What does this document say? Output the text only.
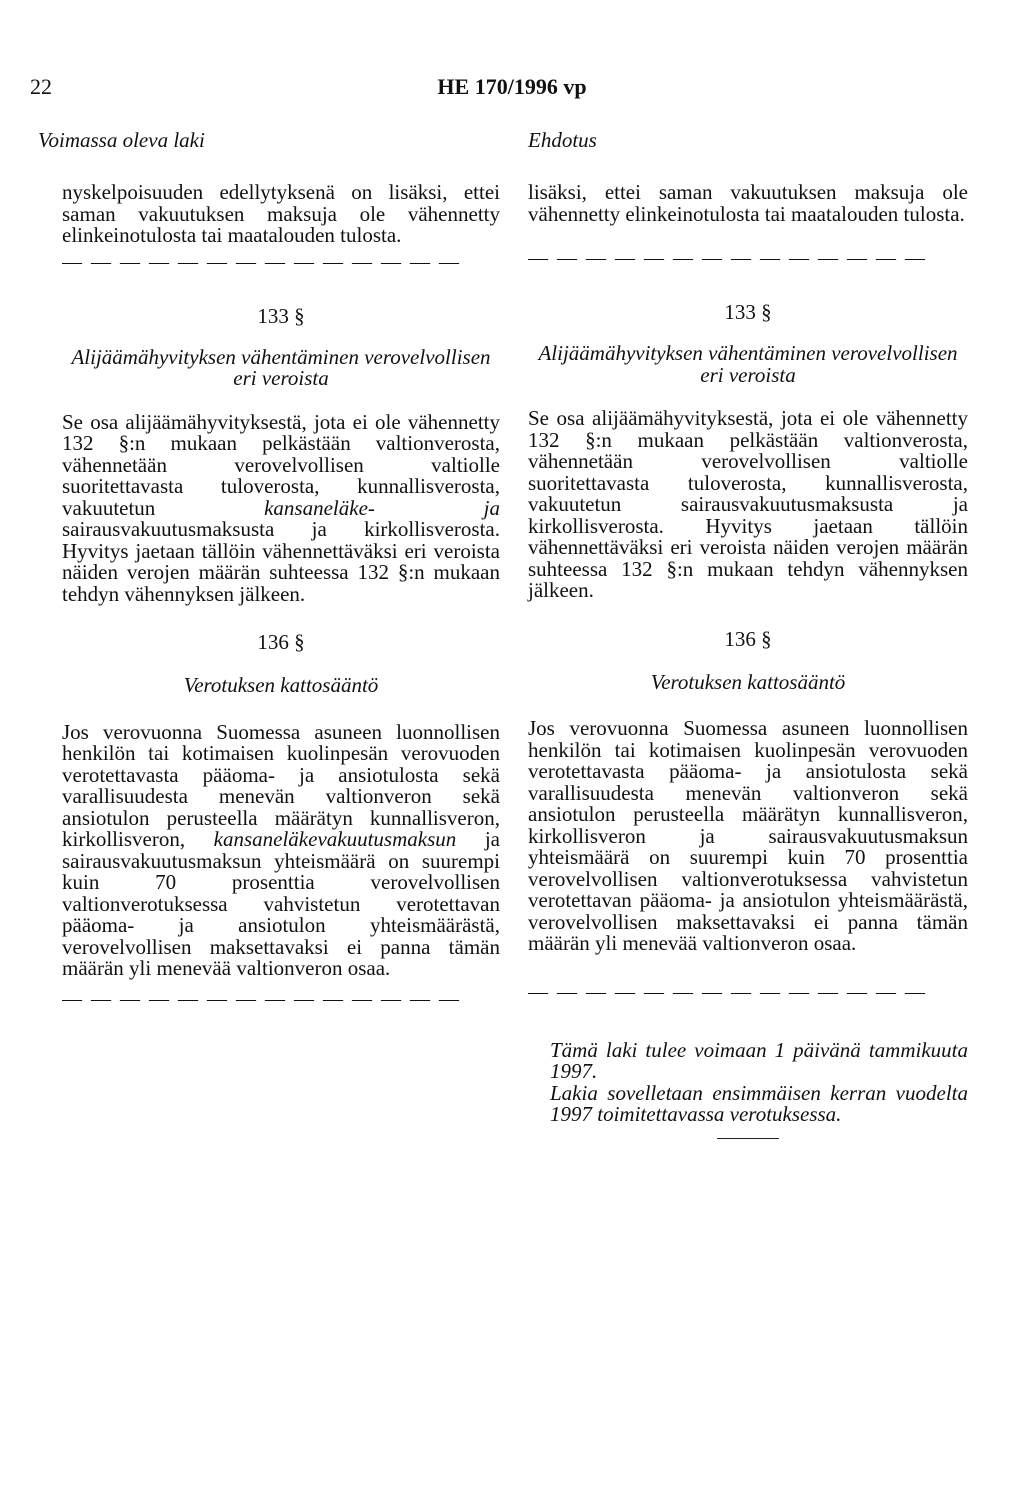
22	HE 170/1996 vp
Voimassa oleva laki

nyskelpoisuuden edellytyksenä on lisäksi, ettei saman vakuutuksen maksuja ole vähennetty elinkeinotulosta tai maatalouden tulosta.

— — — — — — — — — — — — — —

133 §

Alijäämähyvityksen vähentäminen verovelvollisen eri veroista

Se osa alijäämähyvityksestä, jota ei ole vähennetty 132 §:n mukaan pelkästään valtionverosta, vähennetään verovelvollisen valtiolle suoritettavasta tuloverosta, kunnallisverosta, vakuutetun kansaneläke- ja sairausvakuutusmaksusta ja kirkollisverosta. Hyvitys jaetaan tällöin vähennettäväksi eri veroista näiden verojen määrän suhteessa 132 §:n mukaan tehdyn vähennyksen jälkeen.

136 §

Verotuksen kattosääntö

Jos verovuonna Suomessa asuneen luonnollisen henkilön tai kotimaisen kuolinpesän verovuoden verotettavasta pääoma- ja ansiotulosta sekä varallisuudesta menevän valtionveron sekä ansiotulon perusteella määrätyn kunnallisveron, kirkollisveron, kansaneläkevakuutusmaksun ja sairausvakuutusmaksun yhteismäärä on suurempi kuin 70 prosenttia verovelvollisen valtionverotuksessa vahvistetun verotettavan pääoma- ja ansiotulon yhteismäärästä, verovelvollisen maksettavaksi ei panna tämän määrän yli menevää valtionveron osaa.

— — — — — — — — — — — — — —
Ehdotus

lisäksi, ettei saman vakuutuksen maksuja ole vähennetty elinkeinotulosta tai maatalouden tulosta.

— — — — — — — — — — — — — —

133 §

Alijäämähyvityksen vähentäminen verovelvollisen eri veroista

Se osa alijäämähyvityksestä, jota ei ole vähennetty 132 §:n mukaan pelkästään valtionverosta, vähennetään verovelvollisen valtiolle suoritettavasta tuloverosta, kunnallisverosta, vakuutetun sairausvakuutusmaksusta ja kirkollisverosta. Hyvitys jaetaan tällöin vähennettäväksi eri veroista näiden verojen määrän suhteessa 132 §:n mukaan tehdyn vähennyksen jälkeen.

136 §

Verotuksen kattosääntö

Jos verovuonna Suomessa asuneen luonnollisen henkilön tai kotimaisen kuolinpesän verovuoden verotettavasta pääoma- ja ansiotulosta sekä varallisuudesta menevän valtionveron sekä ansiotulon perusteella määrätyn kunnallisveron, kirkollisveron ja sairausvakuutusmaksun yhteismäärä on suurempi kuin 70 prosenttia verovelvollisen valtionverotuksessa vahvistetun verotettavan pääoma- ja ansiotulon yhteismäärästä, verovelvollisen maksettavaksi ei panna tämän määrän yli menevää valtionveron osaa.

— — — — — — — — — — — — — —

Tämä laki tulee voimaan 1 päivänä tammikuuta 1997.

Lakia sovelletaan ensimmäisen kerran vuodelta 1997 toimitettavassa verotuksessa.
